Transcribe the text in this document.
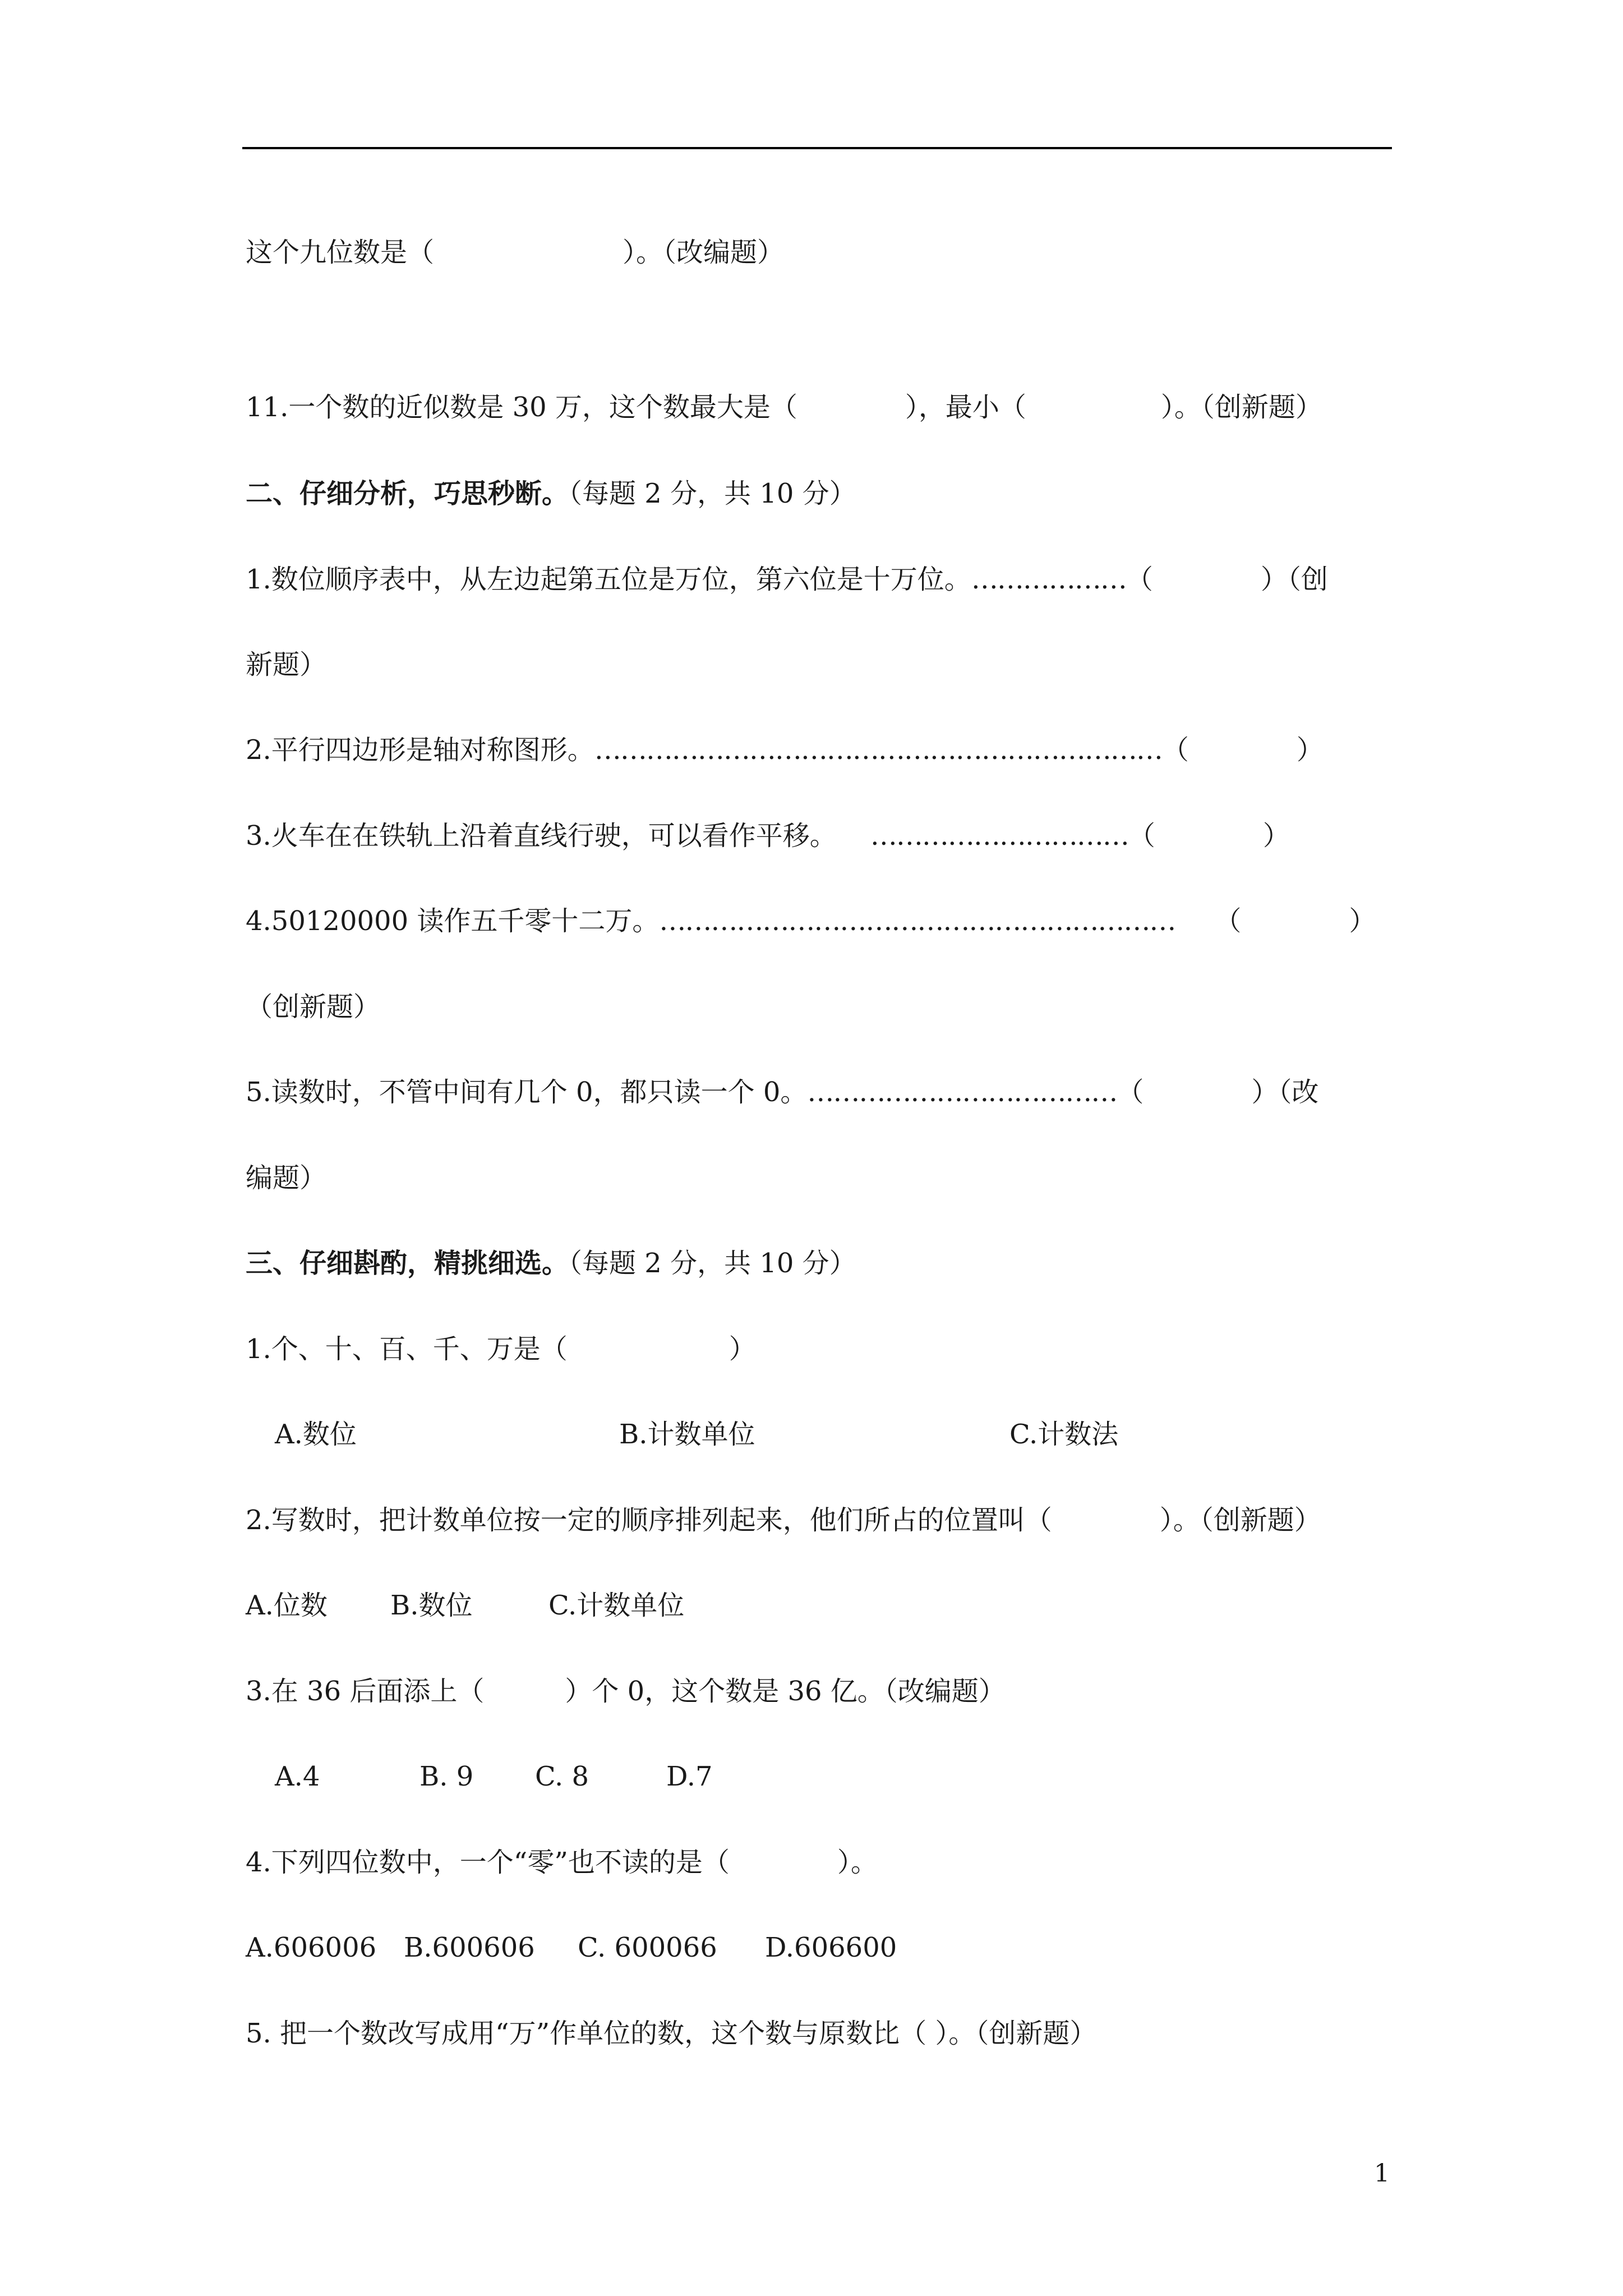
这个九位数是（　　　　　　　）。（改编题）
11.一个数的近似数是 30 万，这个数最大是（　　　　），最小（　　　　　）。（创新题）
二、仔细分析，巧思秒断。（每题 2 分，共 10 分）
1.数位顺序表中，从左边起第五位是万位，第六位是十万位。………………（　　　　）（创
新题）
2.平行四边形是轴对称图形。…………………………………………………………（　　　　）
3.火车在在铁轨上沿着直线行驶，可以看作平移。 …………………………（　　　　）
4.50120000 读作五千零十二万。…………………………………………………… （　　　　）
（创新题）
5.读数时，不管中间有几个 0，都只读一个 0。………………………………（　　　　）（改
编题）
三、仔细斟酌，精挑细选。（每题 2 分，共 10 分）
1.个、十、百、千、万是（　　　　　　）
A.数位	B.计数单位	C.计数法
2.写数时，把计数单位按一定的顺序排列起来，他们所占的位置叫（　　　　）。（创新题）
A.位数 B.数位	C.计数单位
3.在 36 后面添上（　　　）个 0，这个数是 36 亿。（改编题）
A.4	B. 9 C. 8	D.7
4.下列四位数中，一个“零”也不读的是（　　　　）。
A.606006 B.600606 C. 600066 D.606600
5. 把一个数改写成用“万”作单位的数，这个数与原数比（ ）。（创新题）
1
